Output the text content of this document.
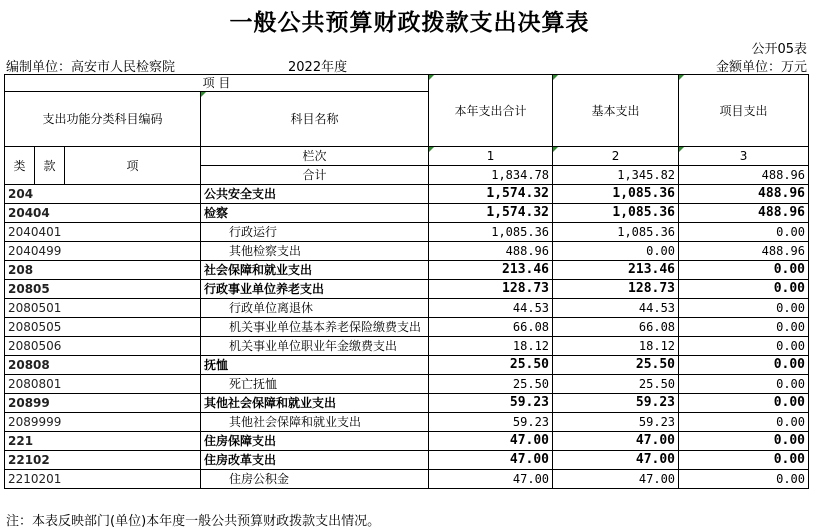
一般公共预算财政拨款支出决算表
公开05表
编制单位：高安市人民检察院	2022年度	金额单位：万元
项 目				本年支出合计	基本支出	项目支出
支出功能分类科目编码			科目名称			
类	款	项				
			栏次	1	2	3
			合计	1,834.78	1,345.82	488.96
204			公共安全支出	1,574.32	1,085.36	488.96
20404			检察	1,574.32	1,085.36	488.96
2040401			行政运行	1,085.36	1,085.36	0.00
2040499			其他检察支出	488.96	0.00	488.96
208			社会保障和就业支出	213.46	213.46	0.00
20805			行政事业单位养老支出	128.73	128.73	0.00
2080501			行政单位离退休	44.53	44.53	0.00
2080505			机关事业单位基本养老保险缴费支出	66.08	66.08	0.00
2080506			机关事业单位职业年金缴费支出	18.12	18.12	0.00
20808			抚恤	25.50	25.50	0.00
2080801			死亡抚恤	25.50	25.50	0.00
20899			其他社会保障和就业支出	59.23	59.23	0.00
2089999			其他社会保障和就业支出	59.23	59.23	0.00
221			住房保障支出	47.00	47.00	0.00
22102			住房改革支出	47.00	47.00	0.00
2210201			住房公积金	47.00	47.00	0.00
注：本表反映部门(单位)本年度一般公共预算财政拨款支出情况。
